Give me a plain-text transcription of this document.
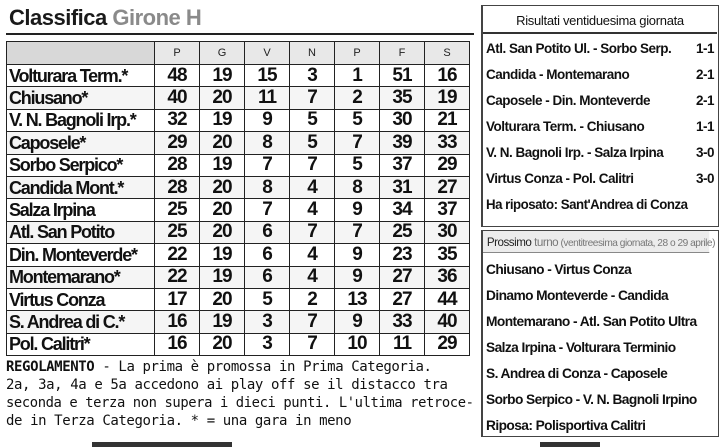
Classifica Girone H
	P	G	V	N	P	F	S
Volturara Term.*	48	19	15	3	1	51	16
Chiusano*	40	20	11	7	2	35	19
V. N. Bagnoli Irp.*	32	19	9	5	5	30	21
Caposele*	29	20	8	5	7	39	33
Sorbo Serpico*	28	19	7	7	5	37	29
Candida Mont.*	28	20	8	4	8	31	27
Salza Irpina	25	20	7	4	9	34	37
Atl. San Potito	25	20	6	7	7	25	30
Din. Monteverde*	22	19	6	4	9	23	35
Montemarano*	22	19	6	4	9	27	36
Virtus Conza	17	20	5	2	13	27	44
S. Andrea di C.*	16	19	3	7	9	33	40
Pol. Calitri*	16	20	3	7	10	11	29
REGOLAMENTO - La prima è promossa in Prima Categoria.
2a, 3a, 4a e 5a accedono ai play off se il distacco tra
seconda e terza non supera i dieci punti. L'ultima retroce-
de in Terza Categoria. * = una gara in meno
Risultati ventiduesima giornata
Atl. San Potito Ul. - Sorbo Serp. 1-1
Candida - Montemarano	2-1
Caposele - Din. Monteverde	2-1
Volturara Term. - Chiusano	1-1
V. N. Bagnoli Irp. - Salza Irpina 3-0
Virtus Conza - Pol. Calitri	3-0
Ha riposato: Sant'Andrea di Conza
Prossimo turno (ventitreesima giornata, 28 o 29 aprile)
Chiusano - Virtus Conza
Dinamo Monteverde - Candida
Montemarano - Atl. San Potito Ultra
Salza Irpina - Volturara Terminio
S. Andrea di Conza - Caposele
Sorbo Serpico - V. N. Bagnoli Irpino
Riposa: Polisportiva Calitri
